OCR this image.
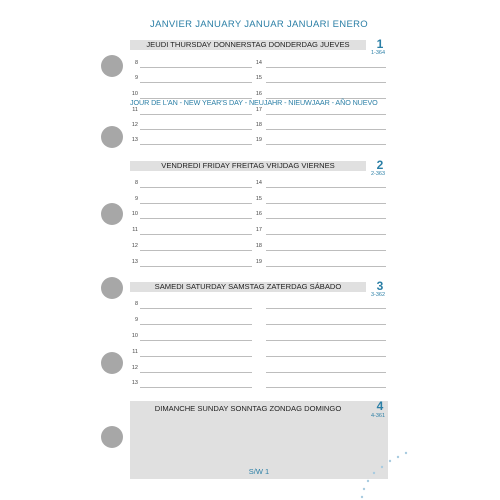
JANVIER JANUARY JANUAR JANUARI ENERO
JEUDI THURSDAY DONNERSTAG DONDERDAG JUEVES	1
1-364
8	14
9	15
10	16
11	17
12	18
13	19
JOUR DE L'AN - NEW YEAR'S DAY - NEUJAHR - NIEUWJAAR - AÑO NUEVO
VENDREDI FRIDAY FREITAG VRIJDAG VIERNES	2
2-363
8	14
9	15
10	16
11	17
12	18
13	19
SAMEDI SATURDAY SAMSTAG ZATERDAG SÁBADO	3
3-362
8
9
10
11
12
13
DIMANCHE SUNDAY SONNTAG ZONDAG DOMINGO	4
4-361
S/W 1
